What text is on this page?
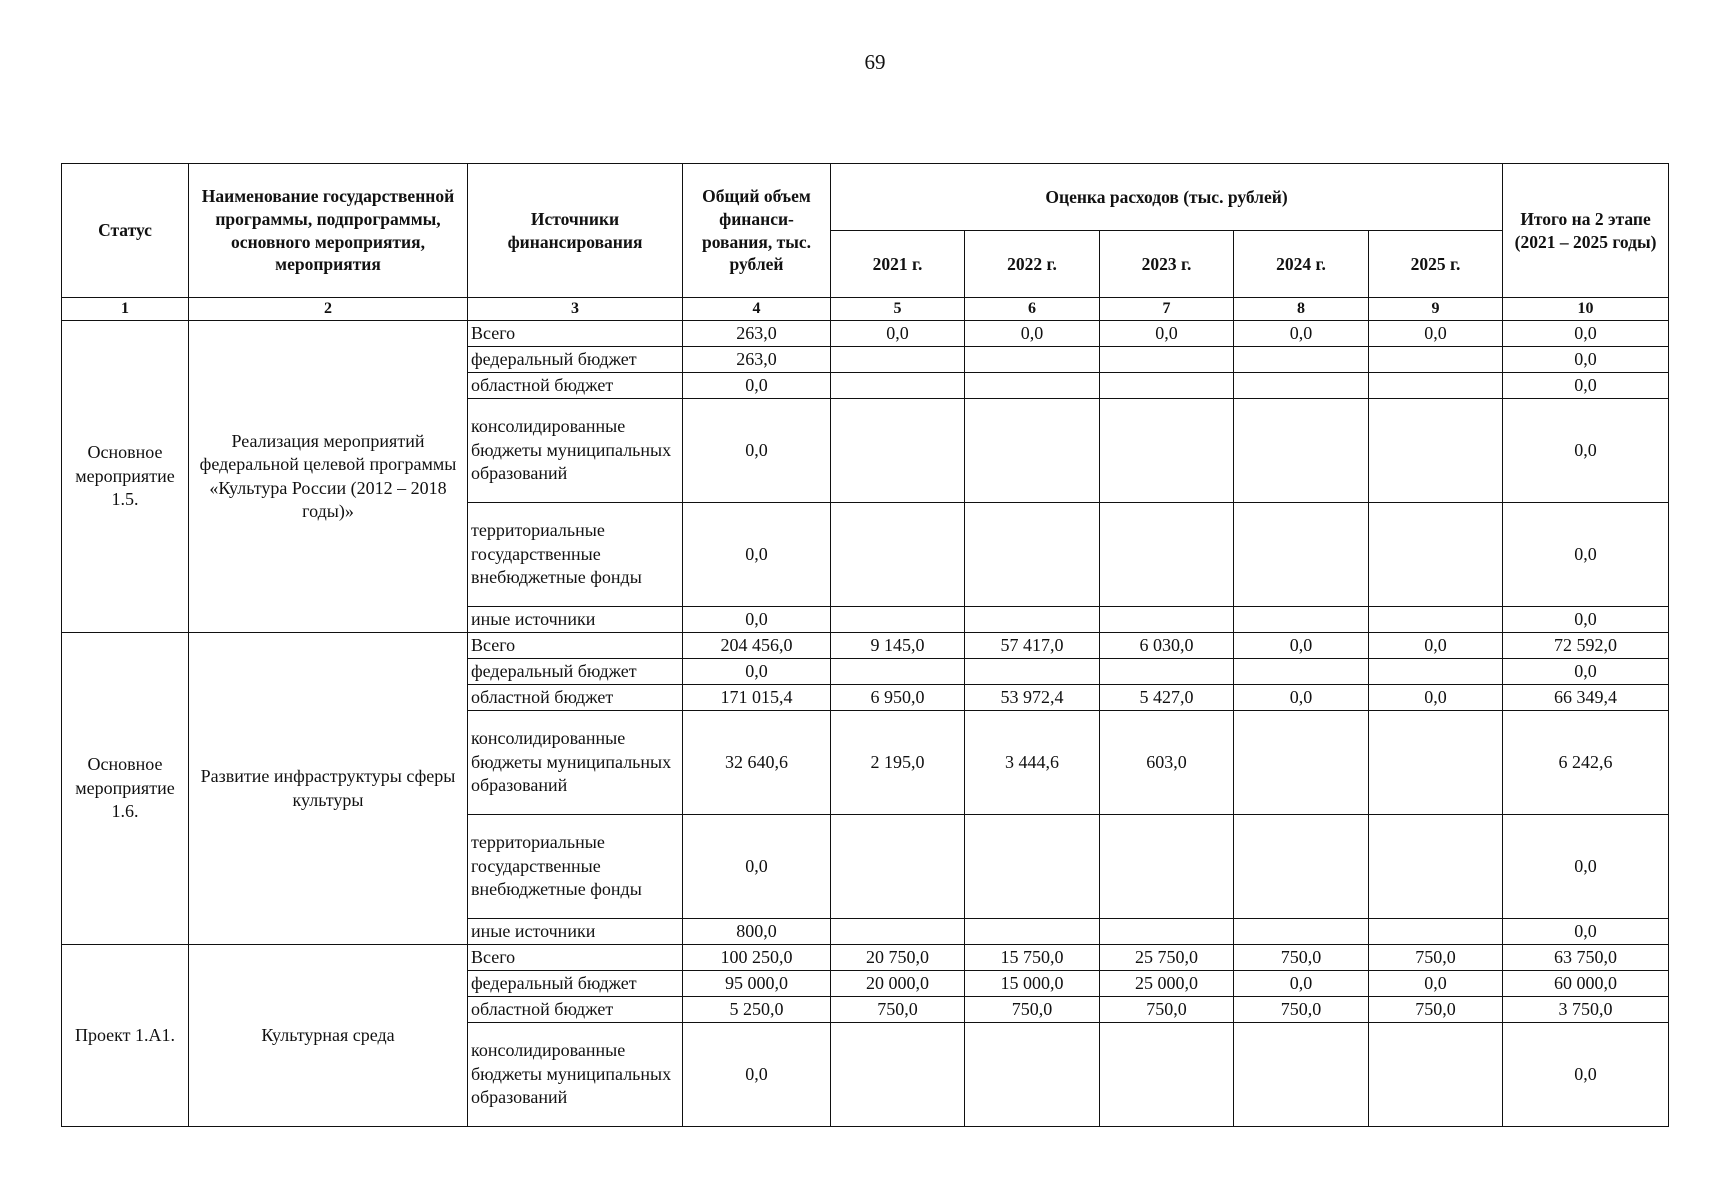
69
Статус	Наименование государственной программы, подпрограммы, основного мероприятия, мероприятия	Источники финансирования	Общий объем финанси-рования, тыс. рублей	Оценка расходов (тыс. рублей)					Итого на 2 этапе (2021 – 2025 годы)
				2021 г.	2022 г.	2023 г.	2024 г.	2025 г.	
1	2	3	4	5	6	7	8	9	10
Основное мероприятие 1.5.	Реализация мероприятий федеральной целевой программы «Культура России (2012 – 2018 годы)»	Всего	263,0	0,0	0,0	0,0	0,0	0,0	0,0
		федеральный бюджет	263,0						0,0
		областной бюджет	0,0						0,0
		консолидированные бюджеты муниципальных образований	0,0						0,0
		территориальные государственные внебюджетные фонды	0,0						0,0
		иные источники	0,0						0,0
Основное мероприятие 1.6.	Развитие инфраструктуры сферы культуры	Всего	204 456,0	9 145,0	57 417,0	6 030,0	0,0	0,0	72 592,0
		федеральный бюджет	0,0						0,0
		областной бюджет	171 015,4	6 950,0	53 972,4	5 427,0	0,0	0,0	66 349,4
		консолидированные бюджеты муниципальных образований	32 640,6	2 195,0	3 444,6	603,0			6 242,6
		территориальные государственные внебюджетные фонды	0,0						0,0
		иные источники	800,0						0,0
Проект 1.А1.	Культурная среда	Всего	100 250,0	20 750,0	15 750,0	25 750,0	750,0	750,0	63 750,0
		федеральный бюджет	95 000,0	20 000,0	15 000,0	25 000,0	0,0	0,0	60 000,0
		областной бюджет	5 250,0	750,0	750,0	750,0	750,0	750,0	3 750,0
		консолидированные бюджеты муниципальных образований	0,0						0,0
